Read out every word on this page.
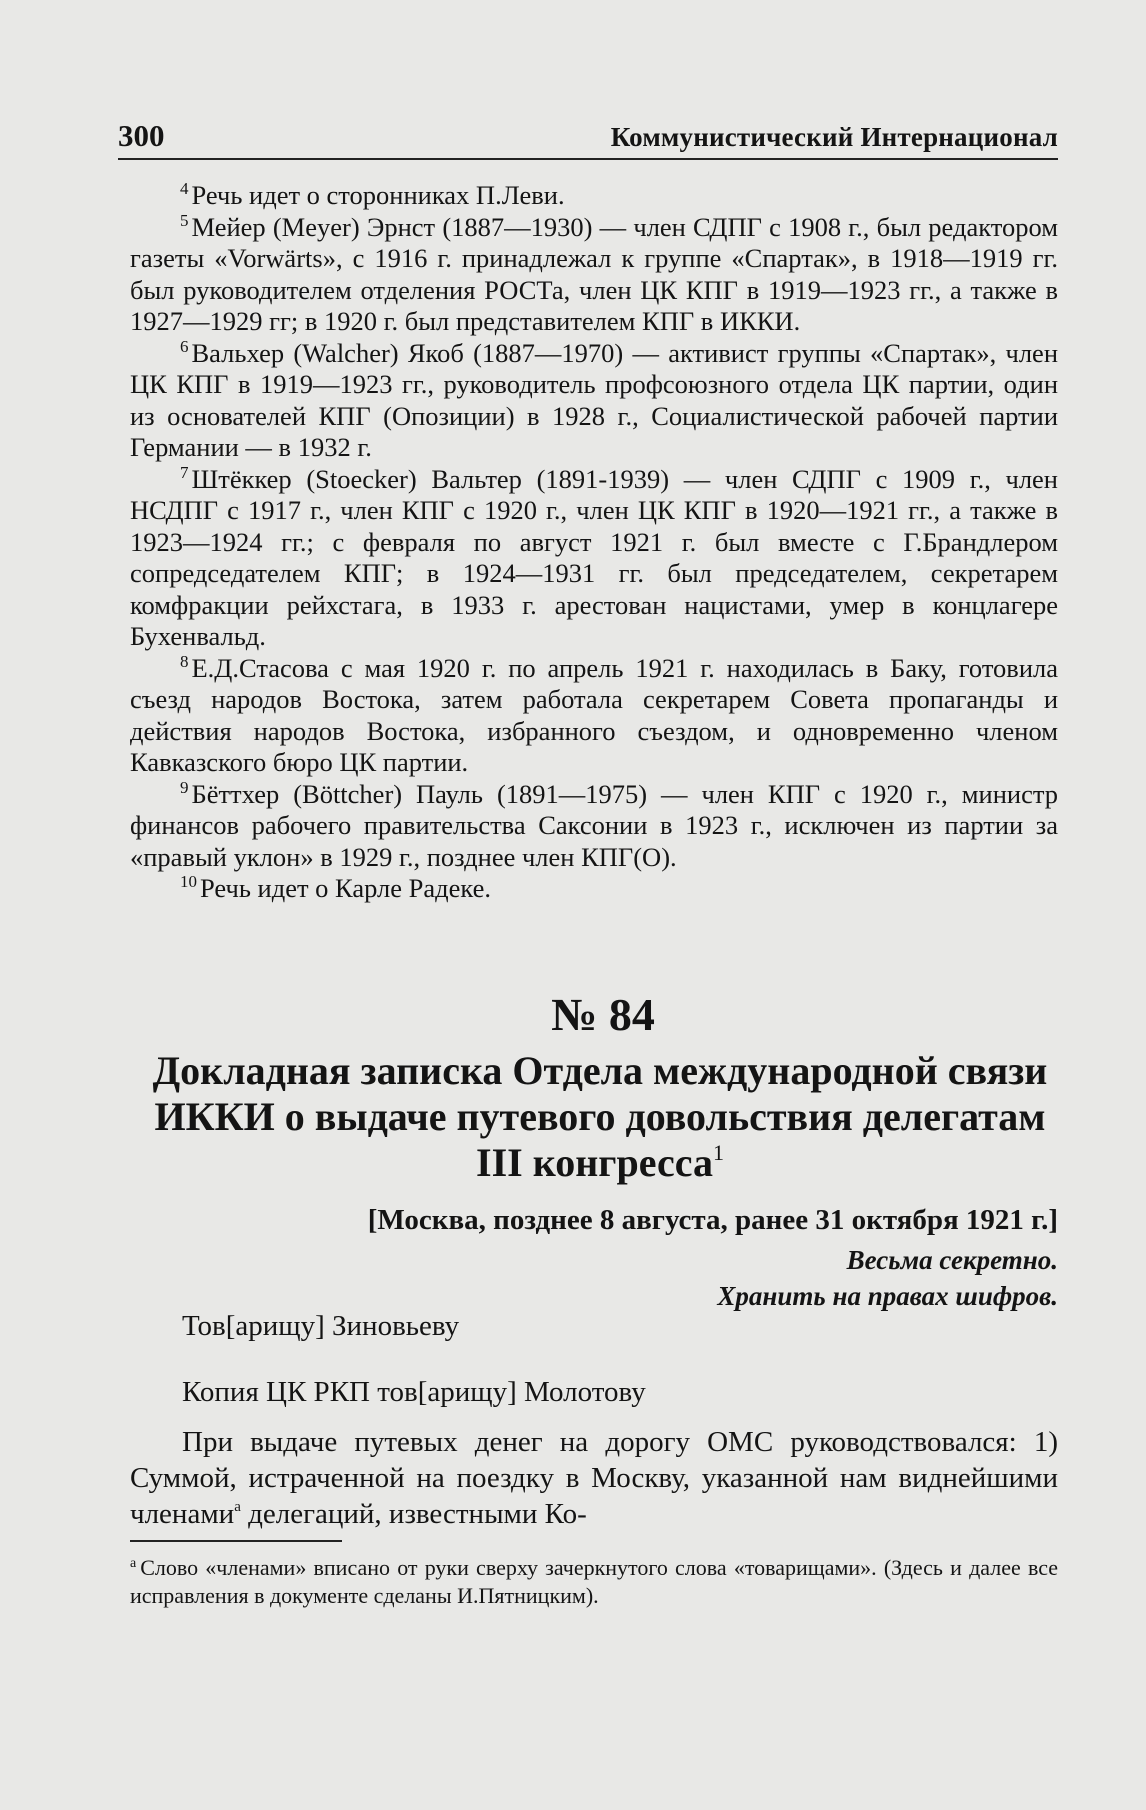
300	Коммунистический Интернационал

$^4$ Речь идет о сторонниках П.Леви.

$^5$ Мейер (Meyer) Эрнст (1887—1930) — член СДПГ с 1908 г., был редактором газеты «Vorwärts», с 1916 г. принадлежал к группе «Спартак», в 1918—1919 гг. был руководителем отделения РОСТа, член ЦК КПГ в 1919—1923 гг., а также в 1927—1929 гг; в 1920 г. был представителем КПГ в ИККИ.

$^6$ Вальхер (Walcher) Якоб (1887—1970) — активист группы «Спартак», член ЦК КПГ в 1919—1923 гг., руководитель профсоюзного отдела ЦК партии, один из основателей КПГ (Опозиции) в 1928 г., Социалистической рабочей партии Германии — в 1932 г.

$^7$ Штёккер (Stoecker) Вальтер (1891-1939) — член СДПГ с 1909 г., член НСДПГ с 1917 г., член КПГ с 1920 г., член ЦК КПГ в 1920—1921 гг., а также в 1923—1924 гг.; с февраля по август 1921 г. был вместе с Г.Брандлером сопредседателем КПГ; в 1924—1931 гг. был председателем, секретарем комфракции рейхстага, в 1933 г. арестован нацистами, умер в концлагере Бухенвальд.

$^8$ Е.Д.Стасова с мая 1920 г. по апрель 1921 г. находилась в Баку, готовила съезд народов Востока, затем работала секретарем Совета пропаганды и действия народов Востока, избранного съездом, и одновременно членом Кавказского бюро ЦК партии.

$^9$ Бёттхер (Böttcher) Пауль (1891—1975) — член КПГ с 1920 г., министр финансов рабочего правительства Саксонии в 1923 г., исключен из партии за «правый уклон» в 1929 г., позднее член КПГ(О).

$^{10}$ Речь идет о Карле Радеке.

№ 84
Докладная записка Отдела международной связи ИККИ о выдаче путевого довольствия делегатам III конгресса$^1$
[Москва, позднее 8 августа, ранее 31 октября 1921 г.]
Весьма секретно.
Хранить на правах шифров.
Тов[арищу] Зиновьеву
Копия ЦК РКП тов[арищу] Молотову

При выдаче путевых денег на дорогу ОМС руководствовался: 1) Суммой, истраченной на поездку в Москву, указанной нам виднейшими членами$^а$ делегаций, известными Ко-

$^а$ Слово «членами» вписано от руки сверху зачеркнутого слова «товарищами». (Здесь и далее все исправления в документе сделаны И.Пятницким).
